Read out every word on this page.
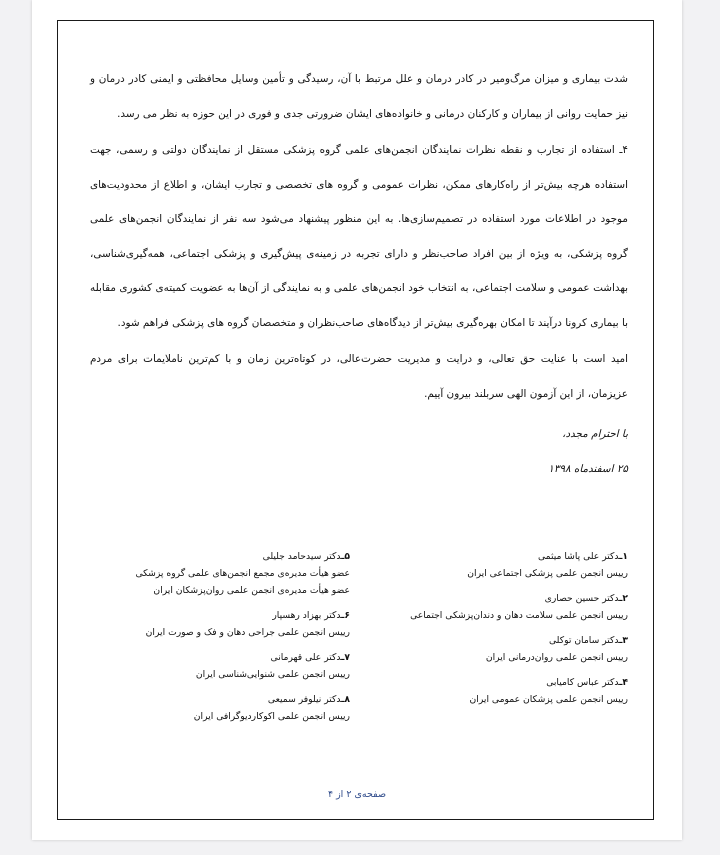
شدت بیماری و میزان مرگ‌ومیر در کادر درمان و علل مرتبط با آن، رسیدگی و تأمین وسایل محافظتی و ایمنی کادر درمان و نیز حمایت روانی از بیماران و کارکنان درمانی و خانواده‌های ایشان ضرورتی جدی و فوری در این حوزه به نظر می رسد.

۴ـ استفاده از تجارب و نقطه نظرات نمایندگان انجمن‌های علمی گروه پزشکی مستقل از نمایندگان دولتی و رسمی، جهت استفاده هرچه بیش‌تر از راه‌کارهای ممکن، نظرات عمومی و گروه های تخصصی و تجارب ایشان، و اطلاع از محدودیت‌های موجود در اطلاعات مورد استفاده در تصمیم‌سازی‌ها. به این منظور پیشنهاد می‌شود سه نفر از نمایندگان انجمن‌های علمی گروه پزشکی، به ویژه از بین افراد صاحب‌نظر و دارای تجربه در زمینه‌ی پیش‌گیری و پزشکی اجتماعی، همه‌گیری‌شناسی، بهداشت عمومی و سلامت اجتماعی، به انتخاب خود انجمن‌های علمی و به نمایندگی از آن‌ها به عضویت کمیته‌ی کشوری مقابله با بیماری کرونا درآیند تا امکان بهره‌گیری بیش‌تر از دیدگاه‌های صاحب‌نظران و متخصصان گروه های پزشکی فراهم شود.

امید است با عنایت حق تعالی، و درایت و مدیریت حضرت‌عالی، در کوتاه‌ترین زمان و با کم‌ترین ناملایمات برای مردم عزیزمان، از این آزمون الهی سربلند بیرون آییم.

با احترام مجدد،

۲۵ اسفندماه ۱۳۹۸

۱ـدکتر علی پاشا میثمی
رییس انجمن علمی پزشکی اجتماعی ایران
۲ـدکتر حسین حصاری
رییس انجمن علمی سلامت دهان و دندان‌پزشکی اجتماعی
۳ـدکتر سامان توکلی
رییس انجمن علمی روان‌درمانی ایران
۴ـدکتر عباس کامیابی
رییس انجمن علمی پزشکان عمومی ایران
۵ـدکتر سیدحامد جلیلی
عضو هیأت مدیره‌ی مجمع انجمن‌های علمی گروه پزشکی
عضو هیأت مدیره‌ی انجمن علمی روان‌پزشکان ایران
۶ـدکتر بهزاد رهسپار
رییس انجمن علمی جراحی دهان و فک و صورت ایران
۷ـدکتر علی قهرمانی
رییس انجمن علمی شنوایی‌شناسی ایران
۸ـدکتر نیلوفر سمیعی
رییس انجمن علمی اکوکاردیوگرافی ایران
صفحه‌ی ۲ از ۴
